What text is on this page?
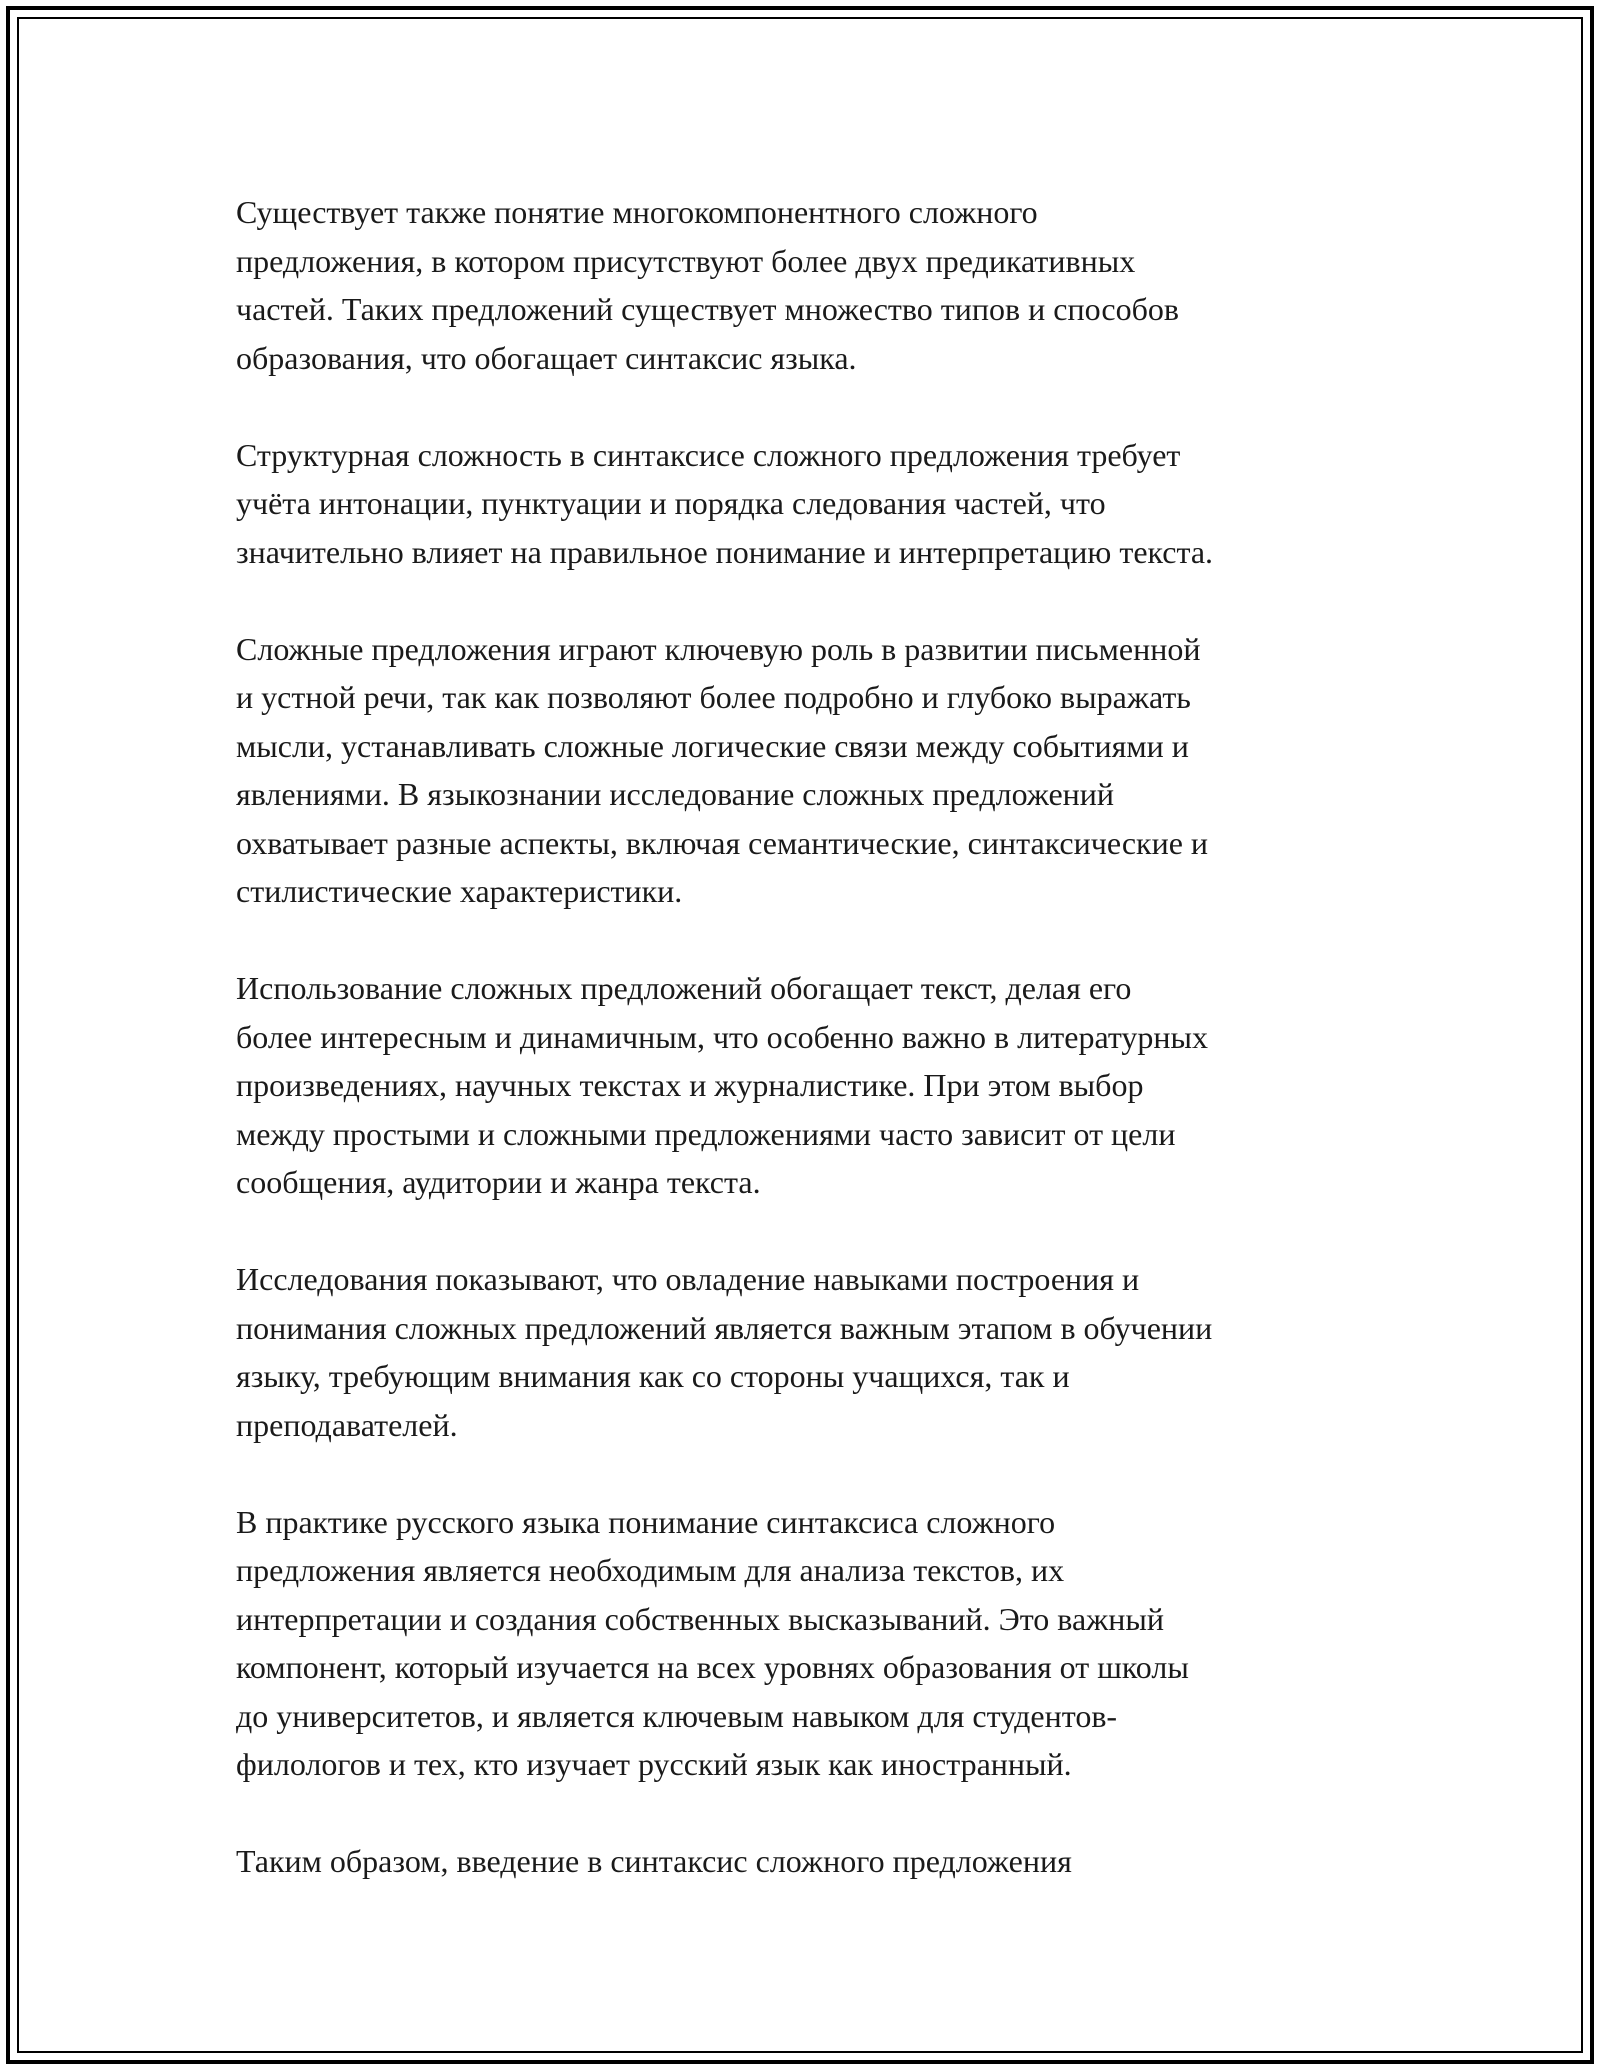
Существует также понятие многокомпонентного сложного
предложения, в котором присутствуют более двух предикативных
частей. Таких предложений существует множество типов и способов
образования, что обогащает синтаксис языка.

Структурная сложность в синтаксисе сложного предложения требует
учёта интонации, пунктуации и порядка следования частей, что
значительно влияет на правильное понимание и интерпретацию текста.

Сложные предложения играют ключевую роль в развитии письменной
и устной речи, так как позволяют более подробно и глубоко выражать
мысли, устанавливать сложные логические связи между событиями и
явлениями. В языкознании исследование сложных предложений
охватывает разные аспекты, включая семантические, синтаксические и
стилистические характеристики.

Использование сложных предложений обогащает текст, делая его
более интересным и динамичным, что особенно важно в литературных
произведениях, научных текстах и журналистике. При этом выбор
между простыми и сложными предложениями часто зависит от цели
сообщения, аудитории и жанра текста.

Исследования показывают, что овладение навыками построения и
понимания сложных предложений является важным этапом в обучении
языку, требующим внимания как со стороны учащихся, так и
преподавателей.

В практике русского языка понимание синтаксиса сложного
предложения является необходимым для анализа текстов, их
интерпретации и создания собственных высказываний. Это важный
компонент, который изучается на всех уровнях образования от школы
до университетов, и является ключевым навыком для студентов-
филологов и тех, кто изучает русский язык как иностранный.

Таким образом, введение в синтаксис сложного предложения
